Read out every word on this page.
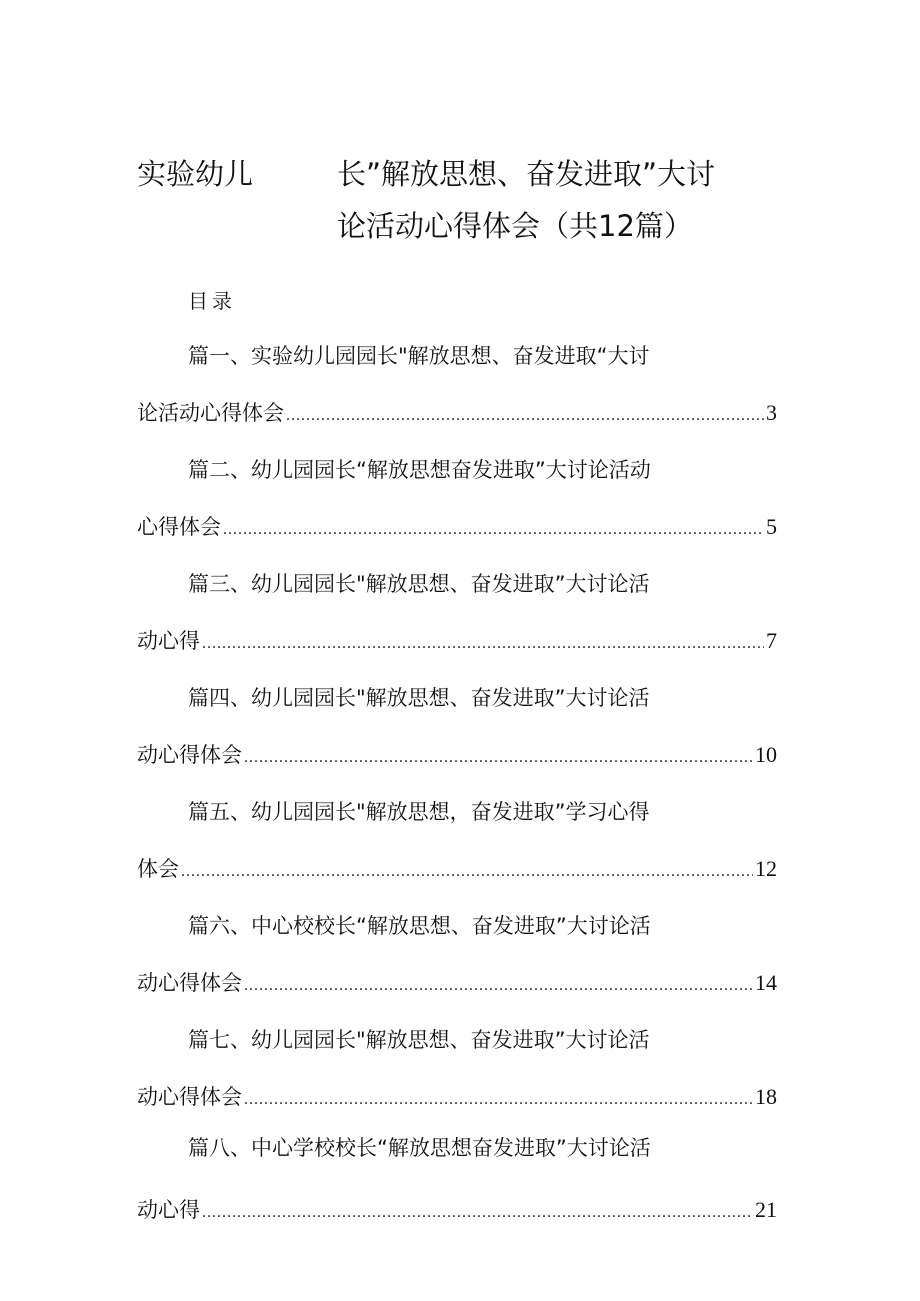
实验幼儿	长”解放思想、奋发进取”大讨
论活动心得体会（共12篇）
目录
篇一、实验幼儿园园长"解放思想、奋发进取“大讨
论活动心得体会 .....	3
篇二、幼儿园园长“解放思想奋发进取”大讨论活动
心得体会 .....	5
篇三、幼儿园园长"解放思想、奋发进取”大讨论活
动心得 .....	7
篇四、幼儿园园长"解放思想、奋发进取”大讨论活
动心得体会 .....	10
篇五、幼儿园园长"解放思想，奋发进取”学习心得
体会 .....	12
篇六、中心校校长“解放思想、奋发进取”大讨论活
动心得体会 .....	14
篇七、幼儿园园长"解放思想、奋发进取”大讨论活
动心得体会 .....	18
篇八、中心学校校长“解放思想奋发进取”大讨论活
动心得 .....	21
